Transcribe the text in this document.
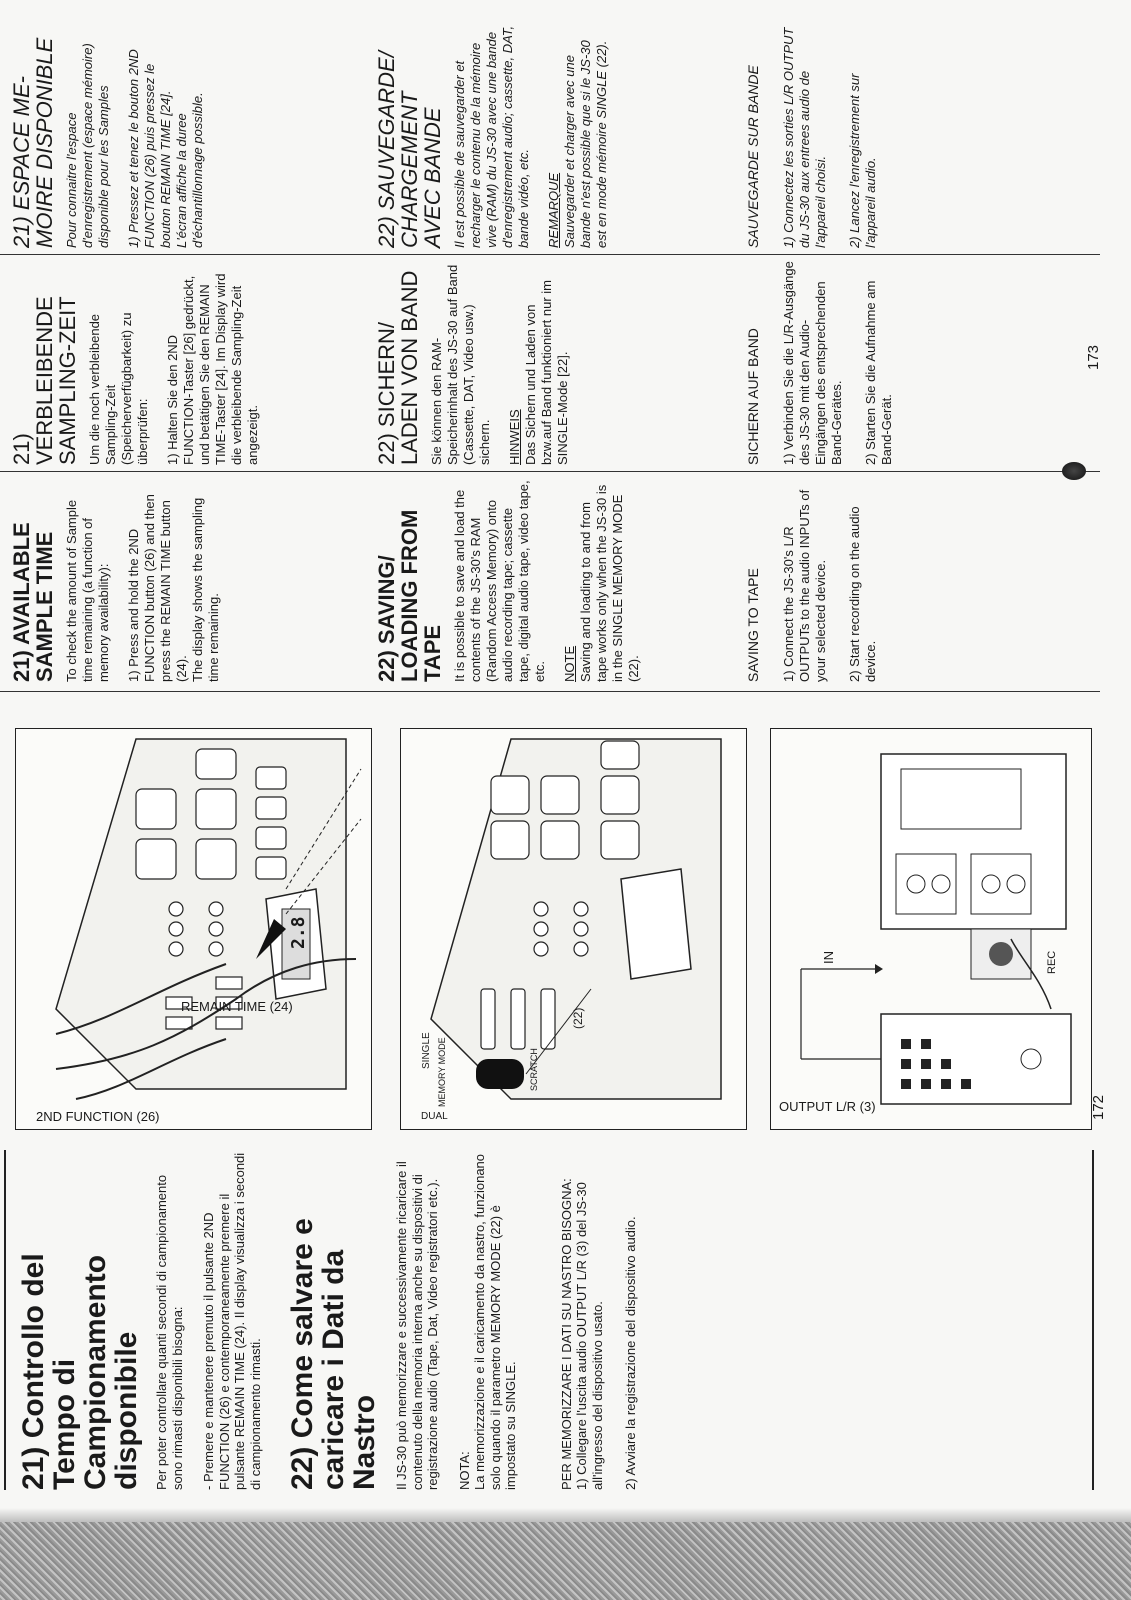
21) Controllo del Tempo di Campionamento disponibile Per poter controllare quanti secondi di campionamento sono rimasti disponibili bisogna: - Premere e mantenere premuto il pulsante 2ND FUNCTION (26) e contemporaneamente premere il pulsante REMAIN TIME (24). Il display visualizza i secondi di campionamento rimasti. 22) Come salvare e caricare i Dati da Nastro Il JS-30 può memorizzare e successivamente ricaricare il contenuto della memoria interna anche su dispositivi di registrazione audio (Tape, Dat, Video registratori etc.). NOTA:
La memorizzazione e il caricamento da nastro, funzionano solo quando il parametro MEMORY MODE (22) è impostato su SINGLE.
PER MEMORIZZARE I DATI SU NASTRO BISOGNA:
1) Collegare l'uscita audio OUTPUT L/R (3) del JS-30 all'ingresso del dispositivo usato. 2) Avviare la registrazione del dispositivo audio.
REMAIN TIME (24)
2ND FUNCTION (26)
2.8
DUAL
SINGLE MEMORY MODE	SCRATCH
(22)
OUTPUT L/R (3)
IN	REC
172
21) AVAILABLE
SAMPLE TIME To check the amount of Sample time remaining (a function of memory availability): 1) Press and hold the 2ND FUNCTION button (26) and then press the REMAIN TIME button (24).
The display shows the sampling time remaining.
22) SAVING/
LOADING FROM
TAPE It is possible to save and load the contents of the JS-30's RAM (Random Access Memory) onto audio recording tape; cassette tape, digital audio tape, video tape, etc. NOTE Saving and loading to and from tape works only when the JS-30 is in the SINGLE MEMORY MODE (22).	SAVING TO TAPE 1) Connect the JS-30's L/R OUTPUTs to the audio INPUTs of your selected device. 2) Start recording on the audio device.
21) VERBLEIBENDE
SAMPLING-ZEIT Um die noch verbleibende Sampling-Zeit (Speicherverfügbarkeit) zu überprüfen: 1) Halten Sie den 2ND FUNCTION-Taster [26] gedrückt, und betätigen Sie den REMAIN TIME-Taster [24]. Im Display wird die verbleibende Sampling-Zeit angezeigt.	22) SICHERN/
LADEN VON BAND
Sie können den RAM-Speicherinhalt des JS-30 auf Band (Cassette, DAT, Video usw.) sichern. HINWEIS Das Sichern und Laden von bzw.auf Band funktioniert nur im SINGLE-Mode [22].	SICHERN AUF BAND 1) Verbinden Sie die L/R-Ausgänge des JS-30 mit den Audio-Eingängen des entsprechenden Band-Gerätes. 2) Starten Sie die Aufnahme am Band-Gerät.
173
21) ESPACE ME-
MOIRE DISPONIBLE
Pour connaitre l'espace d'enregistrement (espace mémoire) disponible pour les Samples 1) Pressez et tenez le bouton 2ND FUNCTION (26) puis pressez le bouton REMAIN TIME [24].
L'écran affiche la duree d'échantillonnage possible.
22) SAUVEGARDE/
CHARGEMENT
AVEC BANDE Il est possible de sauvegarder et recharger le contenu de la mémoire vive (RAM) du JS-30 avec une bande d'enregistrement audio; cassette, DAT, bande vidéo, etc. REMARQUE Sauvegarder et charger avec une bande n'est possible que si le JS-30 est en mode mémoire SINGLE (22).	SAUVEGARDE SUR BANDE 1) Connectez les sorties L/R OUTPUT du JS-30 aux entrees audio de l'appareil choisi. 2) Lancez l'enregistrement sur l'appareil audio.
